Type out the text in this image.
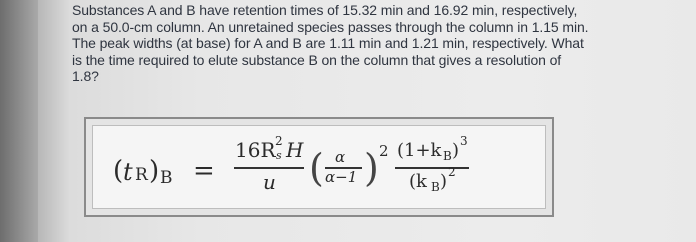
Substances A and B have retention times of 15.32 min and 16.92 min, respectively,
on a 50.0-cm column. An unretained species passes through the column in 1.15 min.
The peak widths (at base) for A and B are 1.11 min and 1.21 min, respectively. What
is the time required to elute substance B on the column that gives a resolution of
1.8?
( t R ) B =
16R 2
s H
u ( α
α−1 ) 2 (1+k B ) 3
(k B ) 2
